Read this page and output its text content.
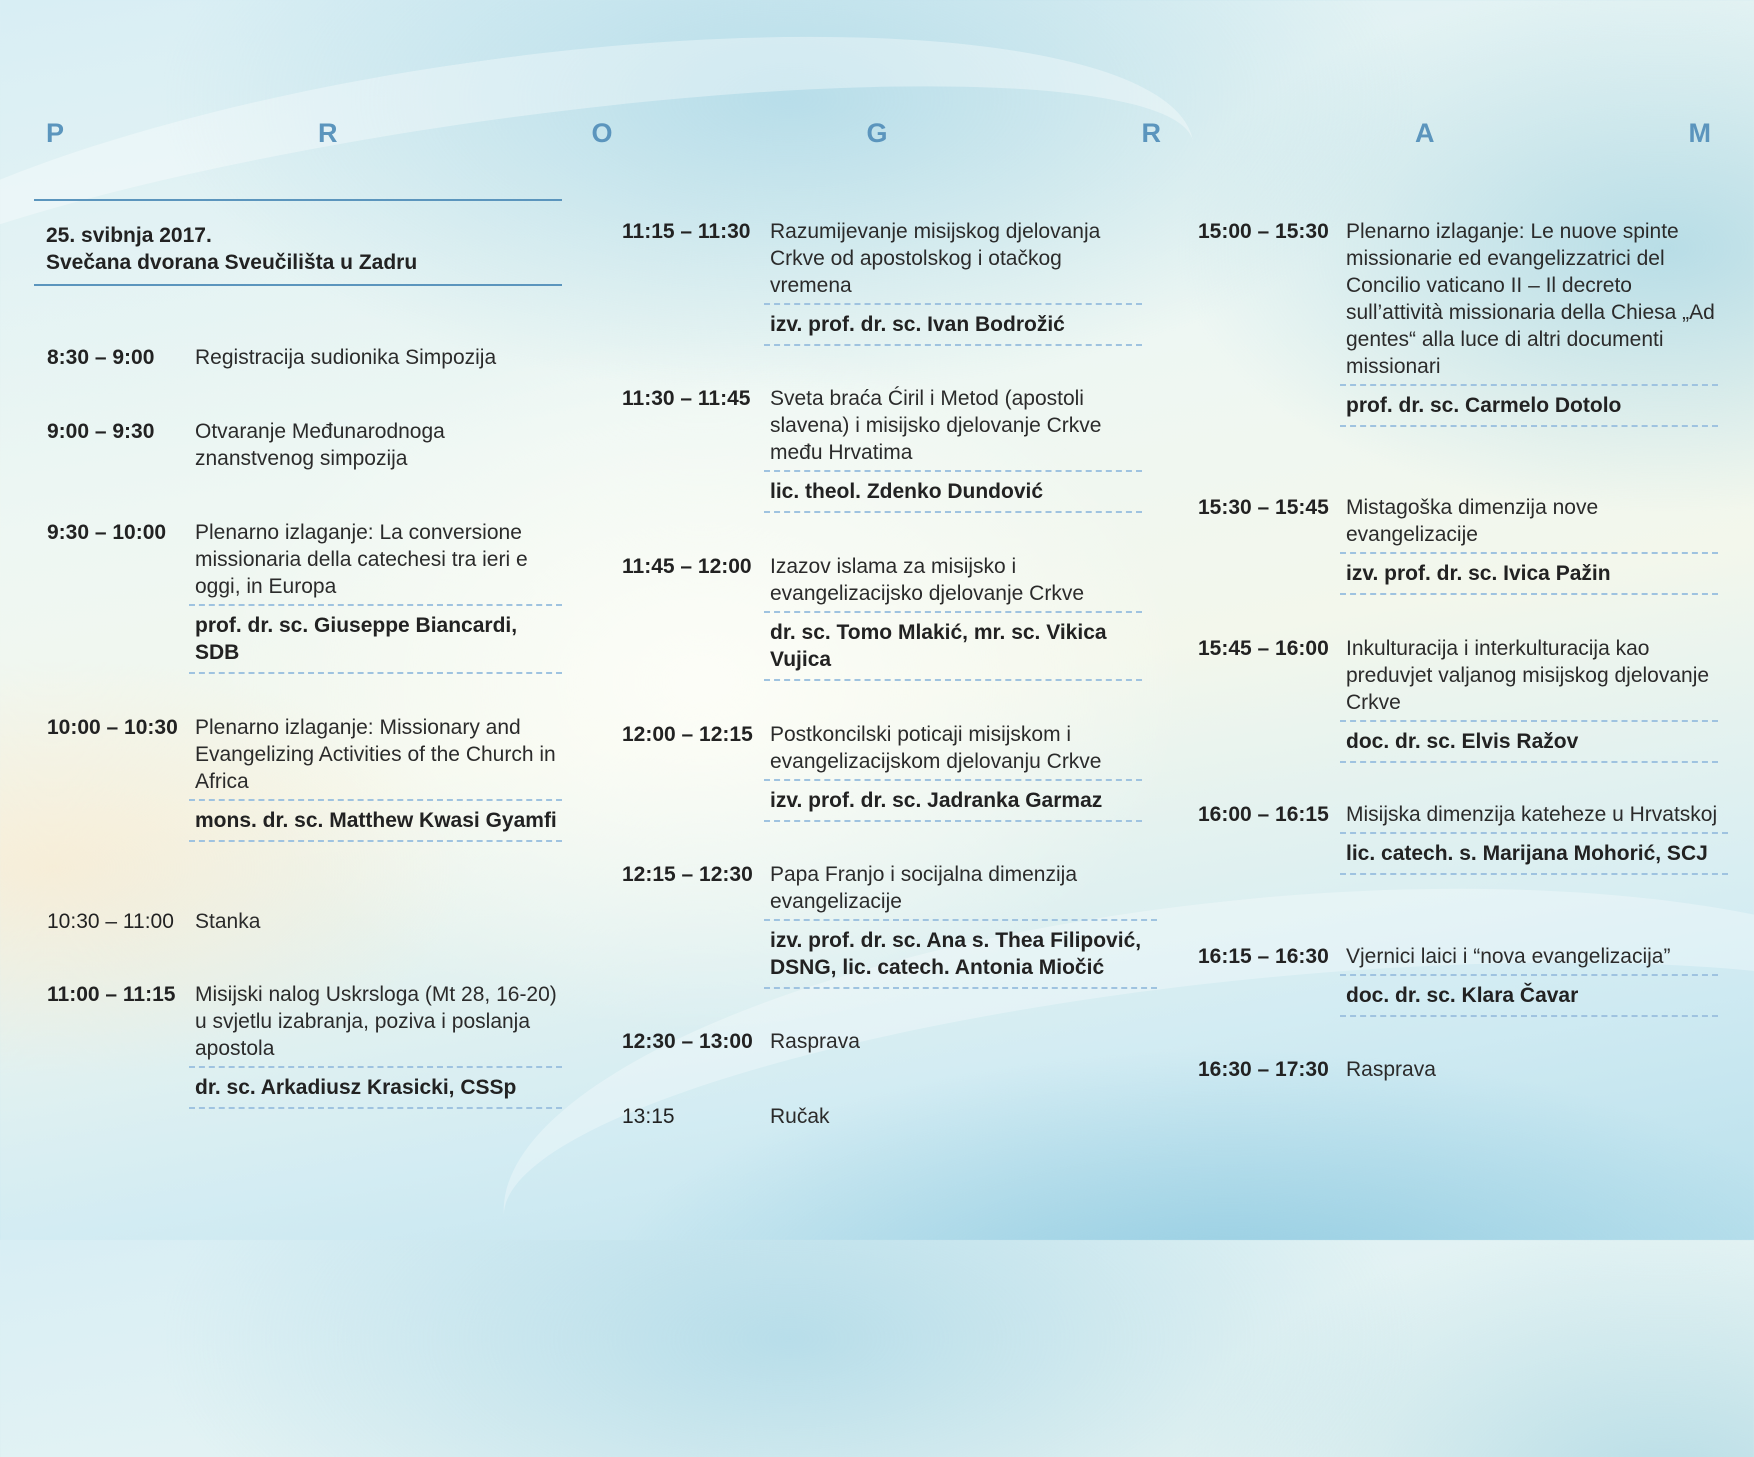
P	R	O	G	R	A	M
25. svibnja 2017.
Svečana dvorana Sveučilišta u Zadru
8:30 – 9:00	Registracija sudionika Simpozija
9:00 – 9:30	Otvaranje Međunarodnoga znanstvenog simpozija
9:30 – 10:00	Plenarno izlaganje: La conversione missionaria della catechesi tra ieri e oggi, in Europa
prof. dr. sc. Giuseppe Biancardi, SDB
10:00 – 10:30 Plenarno izlaganje: Missionary and Evangelizing Activities of the Church in Africa
mons. dr. sc. Matthew Kwasi Gyamfi
10:30 – 11:00	Stanka
11:00 – 11:15 Misijski nalog Uskrsloga (Mt 28, 16-20) u svjetlu izabranja, poziva i poslanja apostola
dr. sc. Arkadiusz Krasicki, CSSp
11:15 – 11:30 Razumijevanje misijskog djelovanja Crkve od apostolskog i otačkog vremena
izv. prof. dr. sc. Ivan Bodrožić
11:30 – 11:45 Sveta braća Ćiril i Metod (apostoli slavena) i misijsko djelovanje Crkve među Hrvatima
lic. theol. Zdenko Dundović
11:45 – 12:00 Izazov islama za misijsko i evangelizacijsko djelovanje Crkve
dr. sc. Tomo Mlakić, mr. sc. Vikica Vujica
12:00 – 12:15 Postkoncilski poticaji misijskom i evangelizacijskom djelovanju Crkve
izv. prof. dr. sc. Jadranka Garmaz
12:15 – 12:30 Papa Franjo i socijalna dimenzija evangelizacije
izv. prof. dr. sc. Ana s. Thea Filipović, DSNG, lic. catech. Antonia Miočić
12:30 – 13:00 Rasprava
13:15	Ručak
15:00 – 15:30 Plenarno izlaganje: Le nuove spinte missionarie ed evangelizzatrici del Concilio vaticano II – Il decreto sull’attività missionaria della Chiesa „Ad gentes“ alla luce di altri documenti missionari
prof. dr. sc. Carmelo Dotolo
15:30 – 15:45 Mistagoška dimenzija nove evangelizacije
izv. prof. dr. sc. Ivica Pažin
15:45 – 16:00 Inkulturacija i interkulturacija kao preduvjet valjanog misijskog djelovanje Crkve
doc. dr. sc. Elvis Ražov
16:00 – 16:15 Misijska dimenzija kateheze u Hrvatskoj
lic. catech. s. Marijana Mohorić, SCJ
16:15 – 16:30 Vjernici laici i “nova evangelizacija”
doc. dr. sc. Klara Čavar
16:30 – 17:30 Rasprava
